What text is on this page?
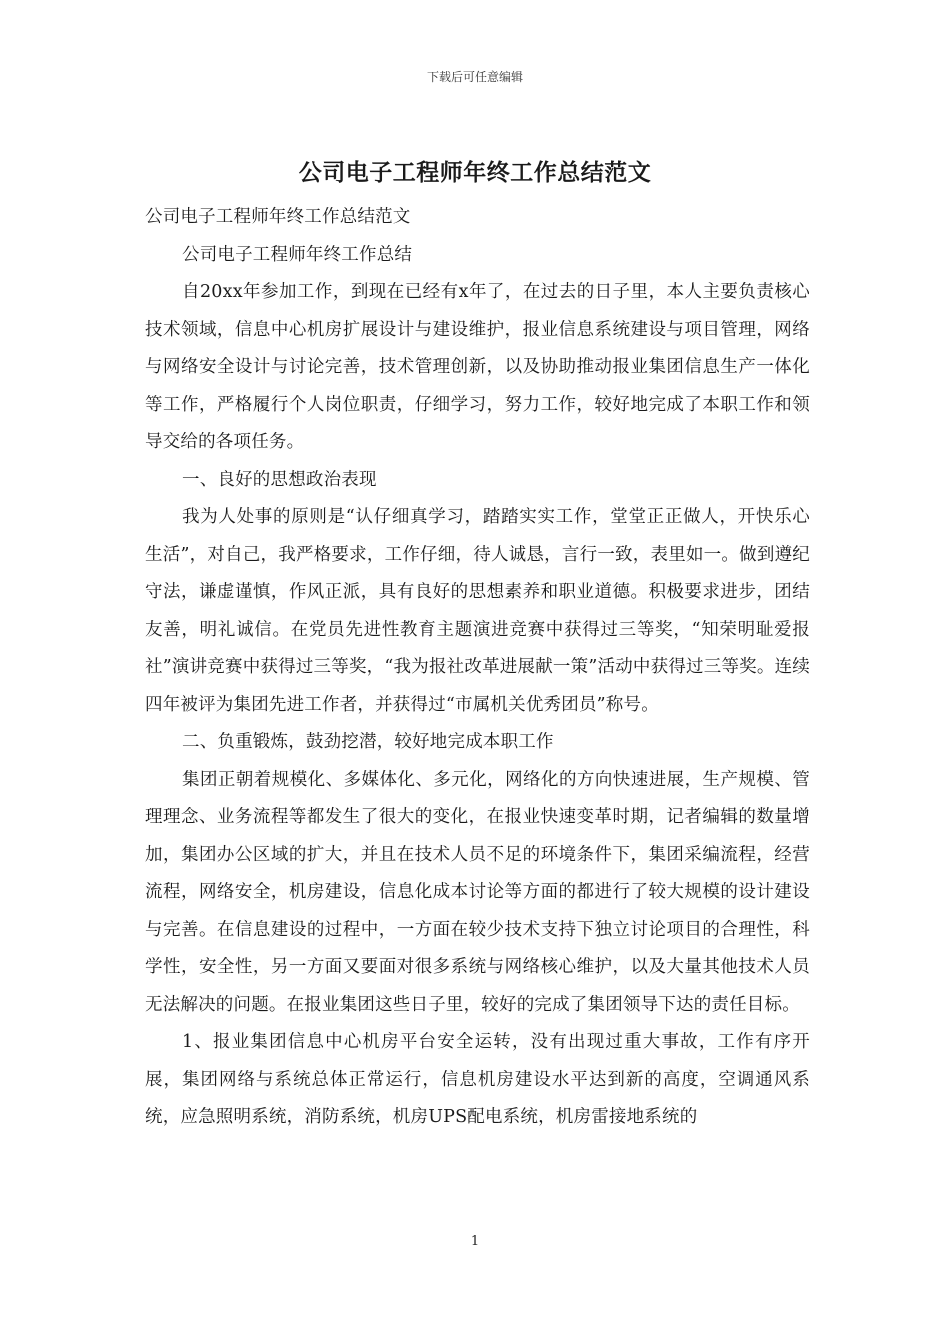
下载后可任意编辑
公司电子工程师年终工作总结范文

公司电子工程师年终工作总结范文

公司电子工程师年终工作总结

自20xx年参加工作，到现在已经有x年了，在过去的日子里，本人主要负责核心技术领域，信息中心机房扩展设计与建设维护，报业信息系统建设与项目管理，网络与网络安全设计与讨论完善，技术管理创新，以及协助推动报业集团信息生产一体化等工作，严格履行个人岗位职责，仔细学习，努力工作，较好地完成了本职工作和领导交给的各项任务。

一、良好的思想政治表现

我为人处事的原则是“认仔细真学习，踏踏实实工作，堂堂正正做人，开快乐心生活”，对自己，我严格要求，工作仔细，待人诚恳，言行一致，表里如一。做到遵纪守法，谦虚谨慎，作风正派，具有良好的思想素养和职业道德。积极要求进步，团结友善，明礼诚信。在党员先进性教育主题演进竞赛中获得过三等奖，“知荣明耻爱报社”演讲竞赛中获得过三等奖，“我为报社改革进展献一策”活动中获得过三等奖。连续四年被评为集团先进工作者，并获得过“市属机关优秀团员”称号。

二、负重锻炼，鼓劲挖潜，较好地完成本职工作

集团正朝着规模化、多媒体化、多元化，网络化的方向快速进展，生产规模、管理理念、业务流程等都发生了很大的变化，在报业快速变革时期，记者编辑的数量增加，集团办公区域的扩大，并且在技术人员不足的环境条件下，集团采编流程，经营流程，网络安全，机房建设，信息化成本讨论等方面的都进行了较大规模的设计建设与完善。在信息建设的过程中，一方面在较少技术支持下独立讨论项目的合理性，科学性，安全性，另一方面又要面对很多系统与网络核心维护，以及大量其他技术人员无法解决的问题。在报业集团这些日子里，较好的完成了集团领导下达的责任目标。

1、报业集团信息中心机房平台安全运转，没有出现过重大事故，工作有序开展，集团网络与系统总体正常运行，信息机房建设水平达到新的高度，空调通风系统，应急照明系统，消防系统，机房UPS配电系统，机房雷接地系统的

1
